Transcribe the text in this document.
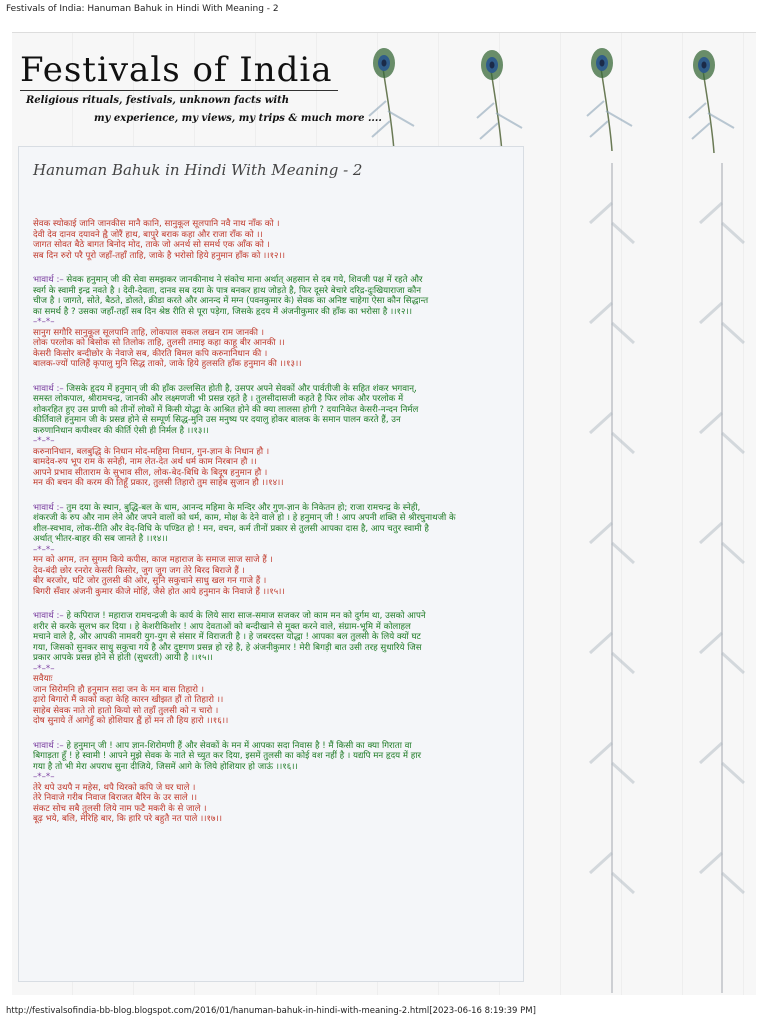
Festivals of India: Hanuman Bahuk in Hindi With Meaning - 2
Festivals of India
Religious rituals, festivals, unknown facts with
my experience, my views, my trips & much more ....
Hanuman Bahuk in Hindi With Meaning - 2

सेवक स्योकाई जानि जानकीस मानै कानि, सानुकूल सूलपानि नवै नाथ नाँक को ।

देवी देव दानव दयावने ह्वै जोरैं हाथ, बापुरे बराक कहा और राजा राँक को ।।

जागत सोवत बैठे बागत बिनोद मोद, ताके जो अनर्थ सो समर्थ एक आँक को ।

सब दिन रुरो परै पूरो जहाँ-तहाँ ताहि, जाके है भरोसो हिये हनुमान हाँक को ।।१२।।

भावार्थ :– सेवक हनुमान् जी की सेवा समझकर जानकीनाथ ने संकोच माना अर्थात् अहसान से दब गये, शिवजी पक्ष में रहते और

स्वर्ग के स्वामी इन्द्र नवते है । देवी-देवता, दानव सब दया के पात्र बनकर हाथ जोड़ते है, फिर दूसरे बेचारे दरिद्र-दुःखियाराजा कौन

चीज है । जागते, सोते, बैठते, डोलते, क्रीडा करते और आनन्द में मग्न (पवनकुमार के) सेवक का अनिष्ट चाहेगा ऐसा कौन सिद्धान्त

का समर्थ है ? उसका जहाँ-तहाँ सब दिन श्रेष्ठ रीति से पूरा पड़ेगा, जिसके हृदय में अंजनीकुमार की हाँक का भरोसा है ।।१२।।

–*–*–

सानुग सगौरि सानुकूल सूलपानि ताहि, लोकपाल सकल लखन राम जानकी ।

लोक परलोक को बिसोक सो तिलोक ताहि, तुलसी तमाइ कहा काहू बीर आनकी ।।

केसरी किसोर बन्दीछोर के नेवाजे सब, कीरति बिमल कपि करुनानिधान की ।

बालक-ज्यों पालिहैं कृपालु मुनि सिद्ध ताको, जाके हिये हुलसति हाँक हनुमान की ।।१३।।

भावार्थ :– जिसके हृदय में हनुमान् जी की हाँक उल्लसित होती है, उसपर अपने सेवकों और पार्वतीजी के सहित शंकर भगवान्,

समस्त लोकपाल, श्रीरामचन्द्र, जानकी और लक्ष्मणजी भी प्रसन्न रहते है । तुलसीदासजी कहते है फिर लोक और परलोक में

शोकरहित हुए उस प्राणी को तीनों लोकों में किसी योद्धा के आश्रित होने की क्या लालसा होगी ? दयानिकेत केसरी-नन्दन निर्मल

कीर्तिवाले हनुमान जी के प्रसन्न होने से सम्पूर्ण सिद्ध-मुनि उस मनुष्य पर दयालु होकर बालक के समान पालन करते हैं, उन

करुणानिधान कपीश्वर की कीर्ति ऐसी ही निर्मल है ।।१३।।

–*–*–

करुनानिधान, बलबुद्धि के निधान मोद-महिमा निधान, गुन-ज्ञान के निधान हौ ।

बामदेव-रुप भूप राम के सनेही, नाम लेत-देत अर्थ धर्म काम निरबान हौ ।।

आपने प्रभाव सीताराम के सुभाव सील, लोक-बेद-बिधि के बिदूष हनुमान हौ ।

मन की बचन की करम की तिहूँ प्रकार, तुलसी तिहारो तुम साहेब सुजान हौ ।।१४।।

भावार्थ :– तुम दया के स्थान, बुद्धि-बल के धाम, आनन्द महिमा के मन्दिर और गुण-ज्ञान के निकेतन हो; राजा रामचन्द्र के स्नेही,

शंकरजी के रुप और नाम लेने और जपने वालों को धर्म, काम, मोक्ष के देने वाले हो । हे हनुमान् जी ! आप अपनी शक्ति से श्रीरघुनाथजी के

शील-स्वभाव, लोक-रीति और वेद-विधि के पण्डित हो ! मन, वचन, कर्म तीनों प्रकार से तुलसी आपका दास है, आप चतुर स्वामी है

अर्थात् भीतर-बाहर की सब जानते है ।।१४।।

–*–*–

मन को अगम, तन सुगम किये कपीस, काज महाराज के समाज साज साजे हैं ।

देव-बंदी छोर रनरोर केसरी किसोर, जुग जुग जग तेरे बिरद बिराजे हैं ।

बीर बरजोर, घटि जोर तुलसी की ओर, सुनि सकुचाने साधु खल गन गाजे हैं ।

बिगरी सँवार अंजनी कुमार कीजे मोहिं, जैसे होत आये हनुमान के निवाजे हैं ।।१५।।

भावार्थ :– हे कपिराज ! महाराज रामचन्द्रजी के कार्य के लिये सारा साज-समाज सजकर जो काम मन को दुर्गम था, उसको आपने

शरीर से करके सुलभ कर दिया । हे केशरीकिशोर ! आप देवताओं को बन्दीखाने से मुक्त करने वाले, संग्राम-भूमि में कोलाहल

मचाने वाले है, और आपकी नामवरी युग-युग से संसार में विराजती है । हे जबरदस्त योद्धा ! आपका बल तुलसी के लिये क्यों घट

गया, जिसको सुनकर साधु सकुचा गये है और दुष्टगण प्रसन्न हो रहे है, हे अंजनीकुमार ! मेरी बिगड़ी बात उसी तरह सुधारिये जिस

प्रकार आपके प्रसन्न होने से होती (सुधरती) आयी है ।।१५।।

–*–*–

सवैयाः

जान सिरोमनि हौ हनुमान सदा जन के मन बास तिहारो ।

ढ़ारो बिगारो मैं काको कहा केहि कारन खीझत हौं तो तिहारो ।।

साहेब सेवक नाते तो हातो कियो सो तहाँ तुलसी को न चारो ।

दोष सुनाये तें आगेहुँ को होशियार ह्वैं हों मन तौ हिय हारो ।।१६।।

भावार्थ :– हे हनुमान् जी ! आप ज्ञान-शिरोमणी हैं और सेवकों के मन में आपका सदा निवास है ! मैं किसी का क्या गिराता वा

बिगाड़ता हूँ ! हे स्वामी ! आपने मुझे सेवक के नाते से च्युत कर दिया, इसमें तुलसी का कोई वश नहीं है । यद्यपि मन हृदय में हार

गया है तो भी मेरा अपराध सुना दीजिये, जिसमें आगे के लिये होशियार हो जाऊं ।।१६।।

–*–*–

तेरे थपे उथपै न महेस, थपै थिरको कपि जे घर घाले ।

तेरे निवाजे गरीब निवाज बिराजत बैरिन के उर साले ।।

संकट सोच सबै तुलसी लिये नाम फटै मकरी के से जाले ।

बूढ़ भये, बलि, मेरिहि बार, कि हारि परे बहुतै नत पाले ।।१७।।

http://festivalsofindia-bb-blog.blogspot.com/2016/01/hanuman-bahuk-in-hindi-with-meaning-2.html[2023-06-16 8:19:39 PM]
